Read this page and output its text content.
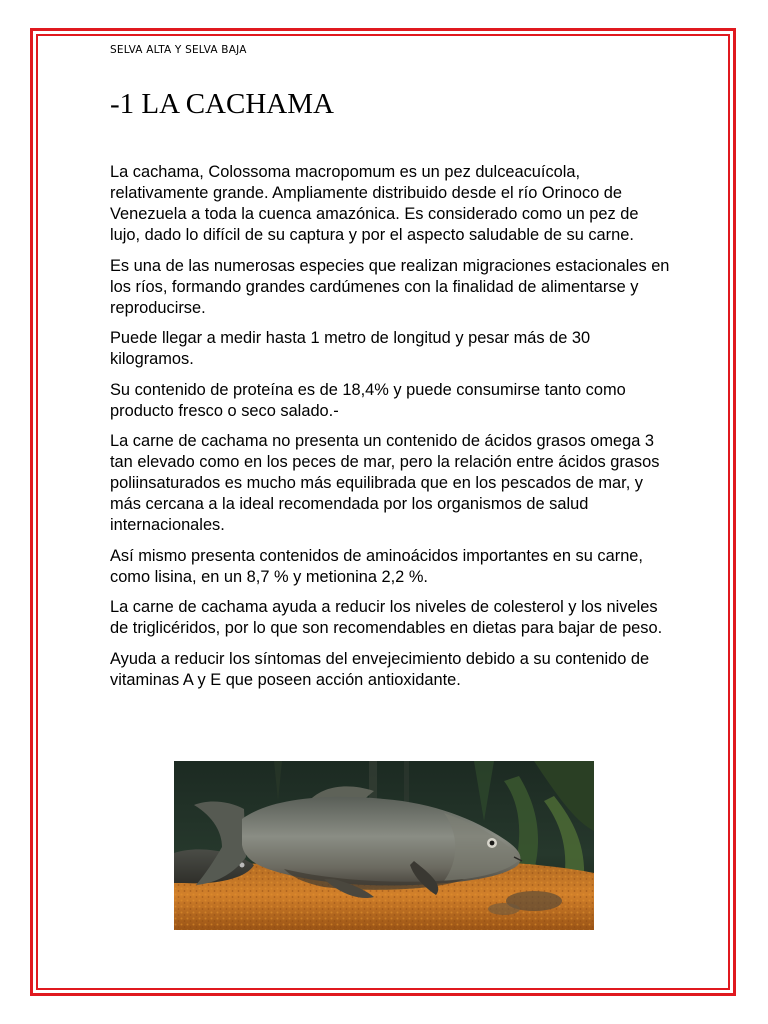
SELVA ALTA Y SELVA BAJA
-1 LA CACHAMA

La cachama, Colossoma macropomum es un pez dulceacuícola, relativamente grande. Ampliamente distribuido desde el río Orinoco de Venezuela a toda la cuenca amazónica. Es considerado como un pez de lujo, dado lo difícil de su captura y por el aspecto saludable de su carne.

Es una de las numerosas especies que realizan migraciones estacionales en los ríos, formando grandes cardúmenes con la finalidad de alimentarse y reproducirse.

Puede llegar a medir hasta 1 metro de longitud y pesar más de 30 kilogramos.

Su contenido de proteína es de 18,4% y puede consumirse tanto como producto fresco o seco salado.-

La carne de cachama no presenta un contenido de ácidos grasos omega 3 tan elevado como en los peces de mar, pero la relación entre ácidos grasos poliinsaturados es mucho más equilibrada que en los pescados de mar, y más cercana a la ideal recomendada por los organismos de salud internacionales.

Así mismo presenta contenidos de aminoácidos importantes en su carne, como lisina, en un 8,7 % y metionina 2,2 %.

La carne de cachama ayuda a reducir los niveles de colesterol y los niveles de triglicéridos, por lo que son recomendables en dietas para bajar de peso.

Ayuda a reducir los síntomas del envejecimiento debido a su contenido de vitaminas A y E que poseen acción antioxidante.
